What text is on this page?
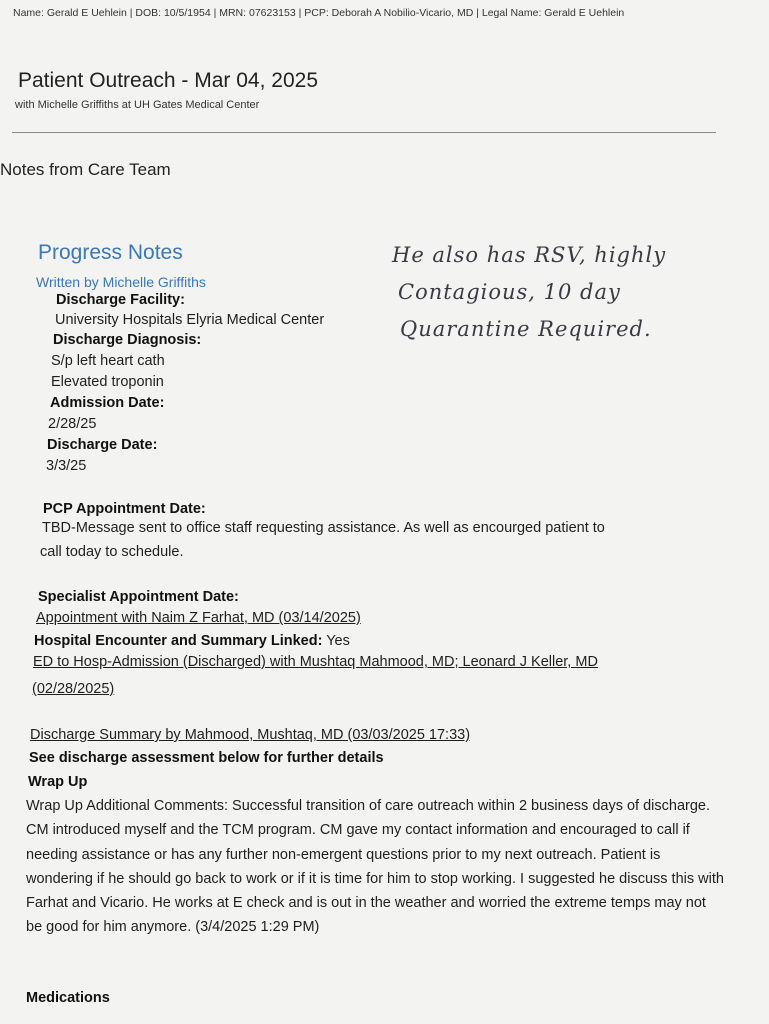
Name: Gerald E Uehlein | DOB: 10/5/1954 | MRN: 07623153 | PCP: Deborah A Nobilio-Vicario, MD | Legal Name: Gerald E Uehlein
Patient Outreach - Mar 04, 2025
with Michelle Griffiths at UH Gates Medical Center
Notes from Care Team
He also has RSV, highly
Contagious, 10 day
Quarantine Required.
Progress Notes
Written by Michelle Griffiths
Discharge Facility:
University Hospitals Elyria Medical Center
Discharge Diagnosis:
S/p left heart cath
Elevated troponin
Admission Date:
2/28/25
Discharge Date:
3/3/25
PCP Appointment Date:
TBD-Message sent to office staff requesting assistance. As well as encourged patient to
call today to schedule.
Specialist Appointment Date:
Appointment with Naim Z Farhat, MD (03/14/2025)
Hospital Encounter and Summary Linked: Yes
ED to Hosp-Admission (Discharged) with Mushtaq Mahmood, MD; Leonard J Keller, MD
(02/28/2025)
Discharge Summary by Mahmood, Mushtaq, MD (03/03/2025 17:33)
See discharge assessment below for further details
Wrap Up
Wrap Up Additional Comments: Successful transition of care outreach within 2 business days of discharge. CM introduced myself and the TCM program. CM gave my contact information and encouraged to call if needing assistance or has any further non-emergent questions prior to my next outreach. Patient is wondering if he should go back to work or if it is time for him to stop working. I suggested he discuss this with Farhat and Vicario. He works at E check and is out in the weather and worried the extreme temps may not be good for him anymore. (3/4/2025 1:29 PM)
Medications
